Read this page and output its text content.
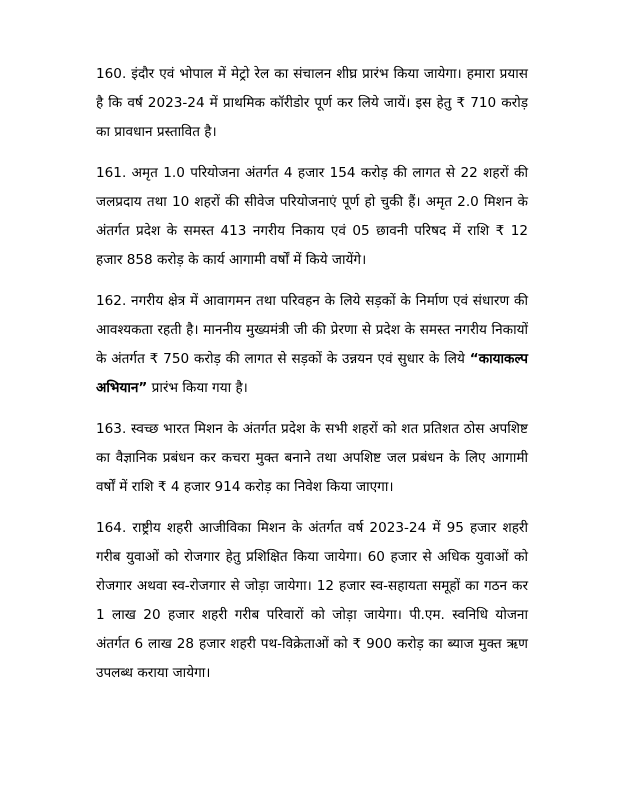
160. इंदौर एवं भोपाल में मेट्रो रेल का संचालन शीघ्र प्रारंभ किया जायेगा। हमारा प्रयास है कि वर्ष 2023-24 में प्राथमिक कॉरीडोर पूर्ण कर लिये जायें। इस हेतु ₹ 710 करोड़ का प्रावधान प्रस्तावित है।

161. अमृत 1.0 परियोजना अंतर्गत 4 हजार 154 करोड़ की लागत से 22 शहरों की जलप्रदाय तथा 10 शहरों की सीवेज परियोजनाएं पूर्ण हो चुकी हैं। अमृत 2.0 मिशन के अंतर्गत प्रदेश के समस्त 413 नगरीय निकाय एवं 05 छावनी परिषद में राशि ₹ 12 हजार 858 करोड़ के कार्य आगामी वर्षों में किये जायेंगे।

162. नगरीय क्षेत्र में आवागमन तथा परिवहन के लिये सड़कों के निर्माण एवं संधारण की आवश्यकता रहती है। माननीय मुख्यमंत्री जी की प्रेरणा से प्रदेश के समस्त नगरीय निकायों के अंतर्गत ₹ 750 करोड़ की लागत से सड़कों के उन्नयन एवं सुधार के लिये “कायाकल्प अभियान” प्रारंभ किया गया है।

163. स्वच्छ भारत मिशन के अंतर्गत प्रदेश के सभी शहरों को शत प्रतिशत ठोस अपशिष्ट का वैज्ञानिक प्रबंधन कर कचरा मुक्त बनाने तथा अपशिष्ट जल प्रबंधन के लिए आगामी वर्षों में राशि ₹ 4 हजार 914 करोड़ का निवेश किया जाएगा।

164. राष्ट्रीय शहरी आजीविका मिशन के अंतर्गत वर्ष 2023-24 में 95 हजार शहरी गरीब युवाओं को रोजगार हेतु प्रशिक्षित किया जायेगा। 60 हजार से अधिक युवाओं को रोजगार अथवा स्व-रोजगार से जोड़ा जायेगा। 12 हजार स्व-सहायता समूहों का गठन कर 1 लाख 20 हजार शहरी गरीब परिवारों को जोड़ा जायेगा। पी.एम. स्वनिधि योजना अंतर्गत 6 लाख 28 हजार शहरी पथ-विक्रेताओं को ₹ 900 करोड़ का ब्याज मुक्त ऋण उपलब्ध कराया जायेगा।
